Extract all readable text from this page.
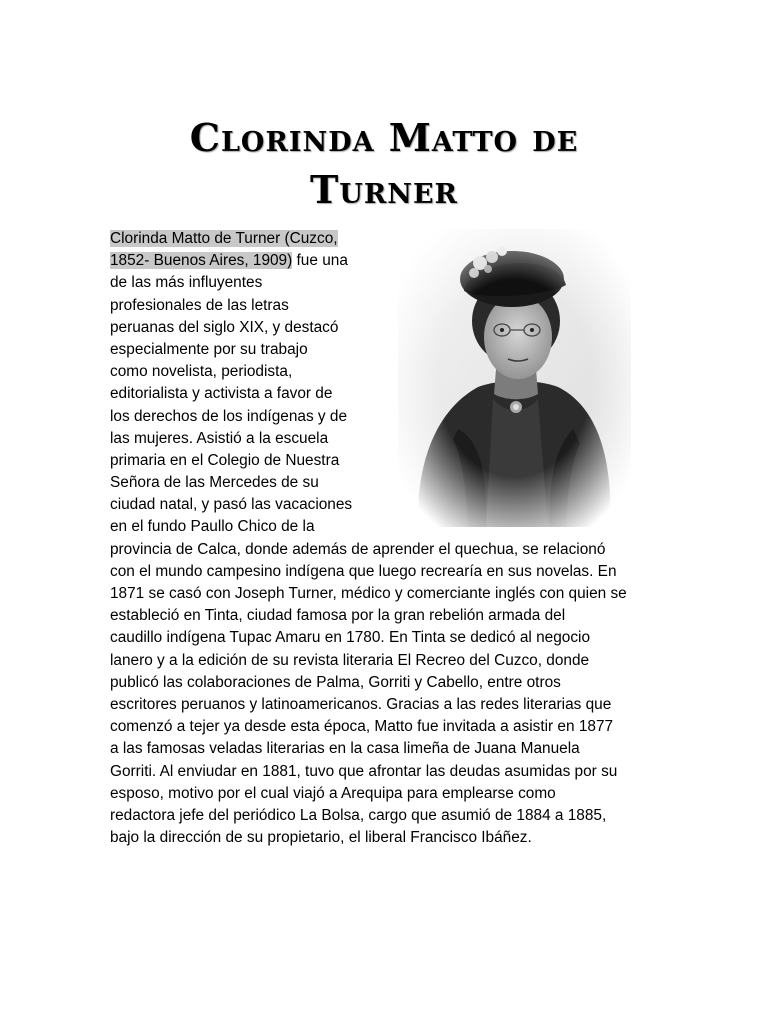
Clorinda Matto de
Turner
Clorinda Matto de Turner (Cuzco,
1852- Buenos Aires, 1909) fue una
de las más influyentes
profesionales de las letras
peruanas del siglo XIX, y destacó
especialmente por su trabajo
como novelista, periodista,
editorialista y activista a favor de
los derechos de los indígenas y de
las mujeres. Asistió a la escuela
primaria en el Colegio de Nuestra
Señora de las Mercedes de su
ciudad natal, y pasó las vacaciones
en el fundo Paullo Chico de la
provincia de Calca, donde además de aprender el quechua, se relacionó
con el mundo campesino indígena que luego recrearía en sus novelas. En
1871 se casó con Joseph Turner, médico y comerciante inglés con quien se
estableció en Tinta, ciudad famosa por la gran rebelión armada del
caudillo indígena Tupac Amaru en 1780. En Tinta se dedicó al negocio
lanero y a la edición de su revista literaria El Recreo del Cuzco, donde
publicó las colaboraciones de Palma, Gorriti y Cabello, entre otros
escritores peruanos y latinoamericanos. Gracias a las redes literarias que
comenzó a tejer ya desde esta época, Matto fue invitada a asistir en 1877
a las famosas veladas literarias en la casa limeña de Juana Manuela
Gorriti. Al enviudar en 1881, tuvo que afrontar las deudas asumidas por su
esposo, motivo por el cual viajó a Arequipa para emplearse como
redactora jefe del periódico La Bolsa, cargo que asumió de 1884 a 1885,
bajo la dirección de su propietario, el liberal Francisco Ibáñez.
